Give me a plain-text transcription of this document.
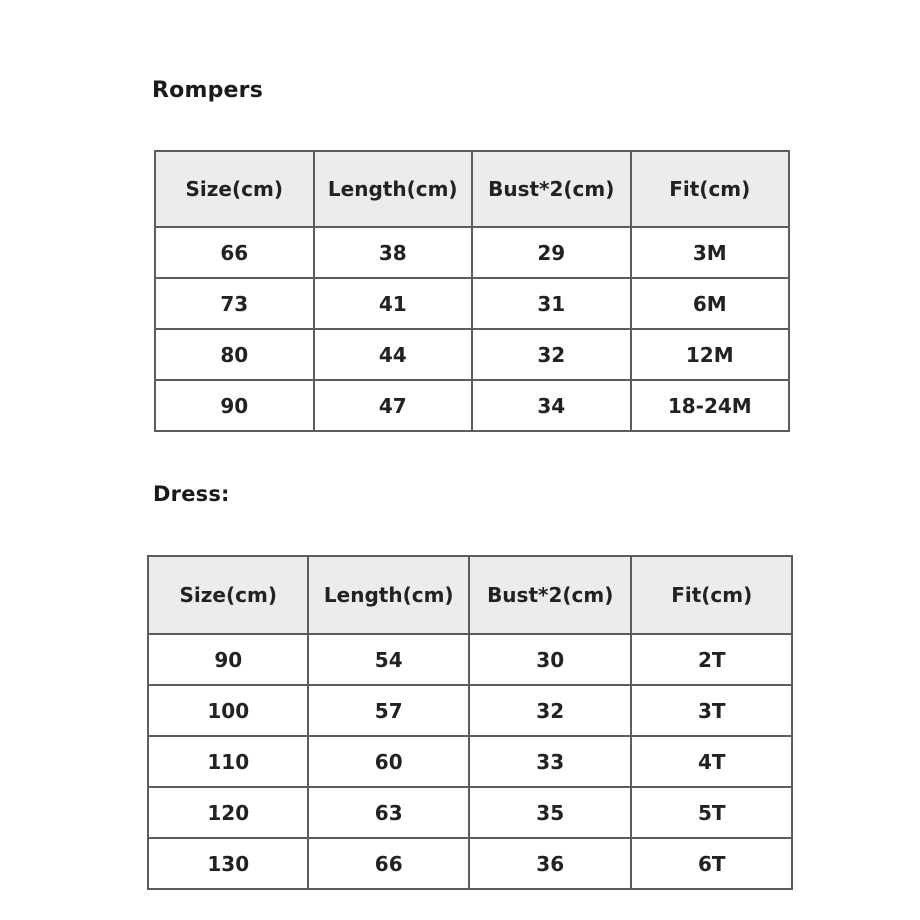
Rompers
Size(cm)	Length(cm)	Bust*2(cm)	Fit(cm)
66	38	29	3M
73	41	31	6M
80	44	32	12M
90	47	34	18-24M
Dress:
Size(cm)	Length(cm)	Bust*2(cm)	Fit(cm)
90	54	30	2T
100	57	32	3T
110	60	33	4T
120	63	35	5T
130	66	36	6T
